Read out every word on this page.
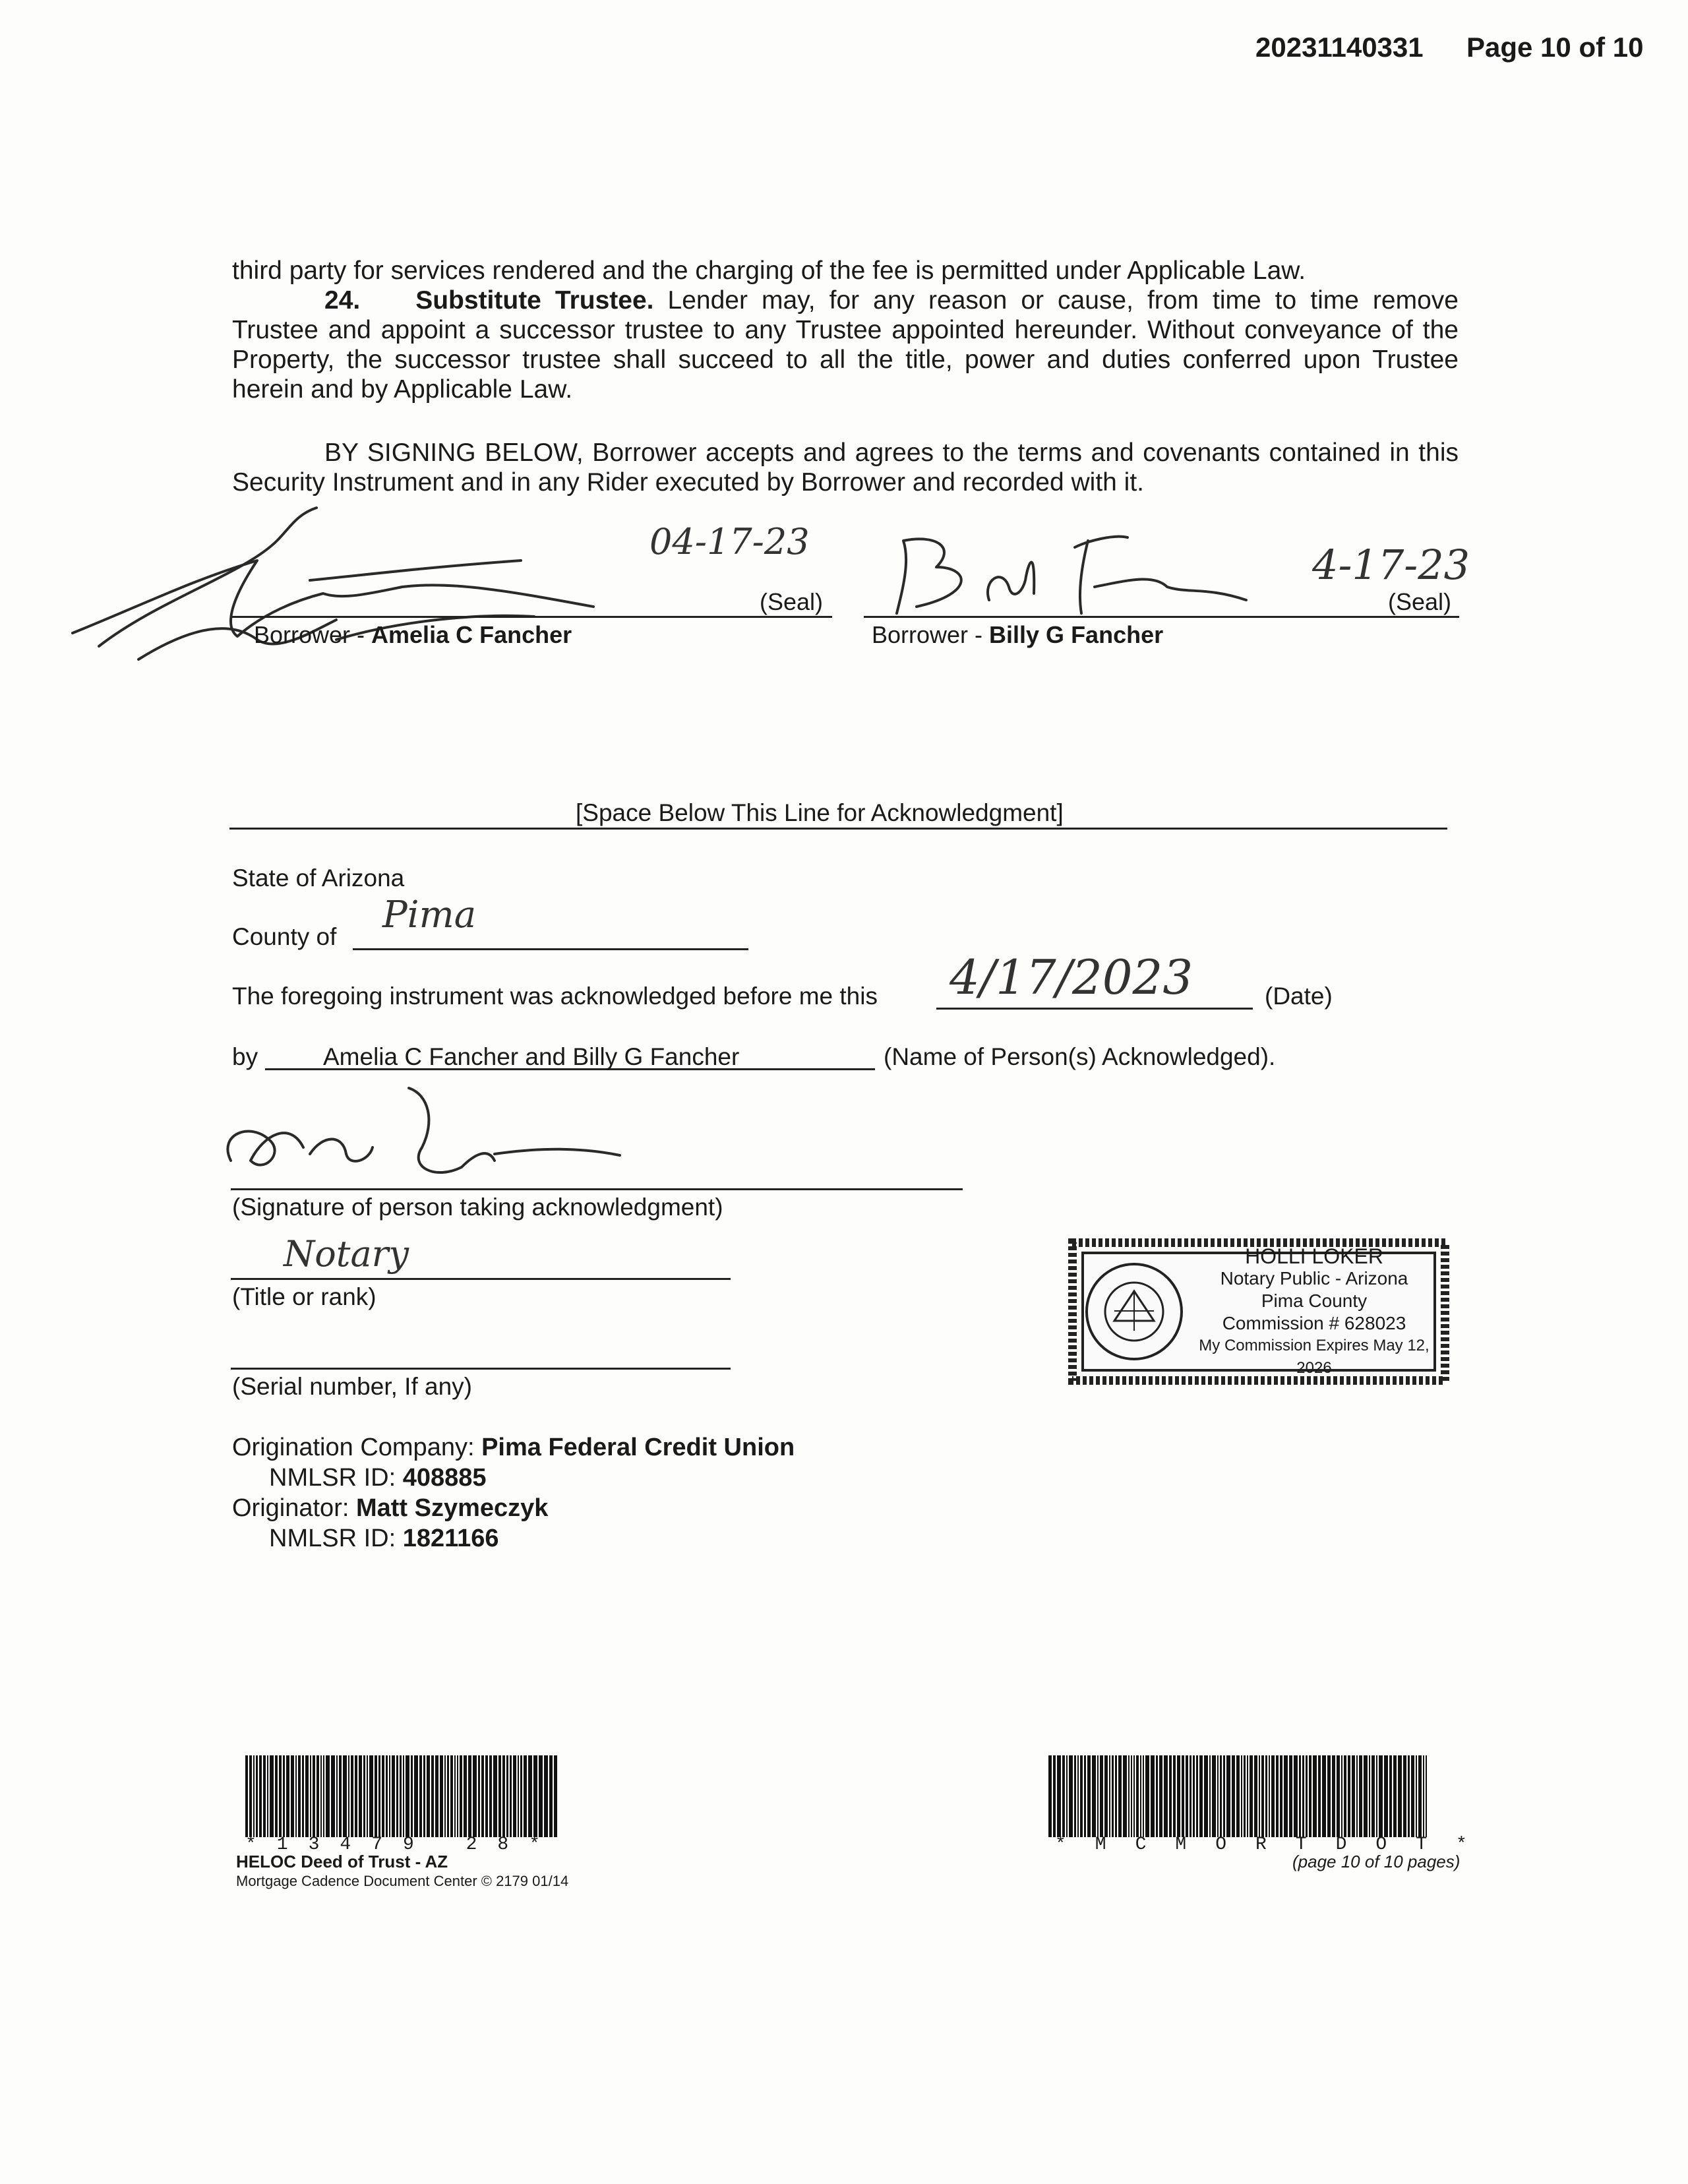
20231140331 Page 10 of 10
third party for services rendered and the charging of the fee is permitted under Applicable Law.
24. Substitute Trustee. Lender may, for any reason or cause, from time to time remove Trustee and appoint a successor trustee to any Trustee appointed hereunder. Without conveyance of the Property, the successor trustee shall succeed to all the title, power and duties conferred upon Trustee herein and by Applicable Law.
BY SIGNING BELOW, Borrower accepts and agrees to the terms and covenants contained in this Security Instrument and in any Rider executed by Borrower and recorded with it.
04-17-23
(Seal)
Borrower - Amelia C Fancher
4-17-23
(Seal)
Borrower - Billy G Fancher
[Space Below This Line for Acknowledgment]
State of Arizona
County of
Pima
The foregoing instrument was acknowledged before me this 4/17/2023	(Date)
by	Amelia C Fancher and Billy G Fancher	(Name of Person(s) Acknowledged).
(Signature of person taking acknowledgment)
Notary
(Title or rank)
(Serial number, If any)
HOLLI LOKER
Notary Public - Arizona
Pima County
Commission # 628023
My Commission Expires May 12, 2026
Origination Company: Pima Federal Credit Union
NMLSR ID: 408885
Originator: Matt Szymeczyk
NMLSR ID: 1821166
*13479 28*
HELOC Deed of Trust - AZ
Mortgage Cadence Document Center © 2179 01/14
*MCMORTDOT*
(page 10 of 10 pages)
